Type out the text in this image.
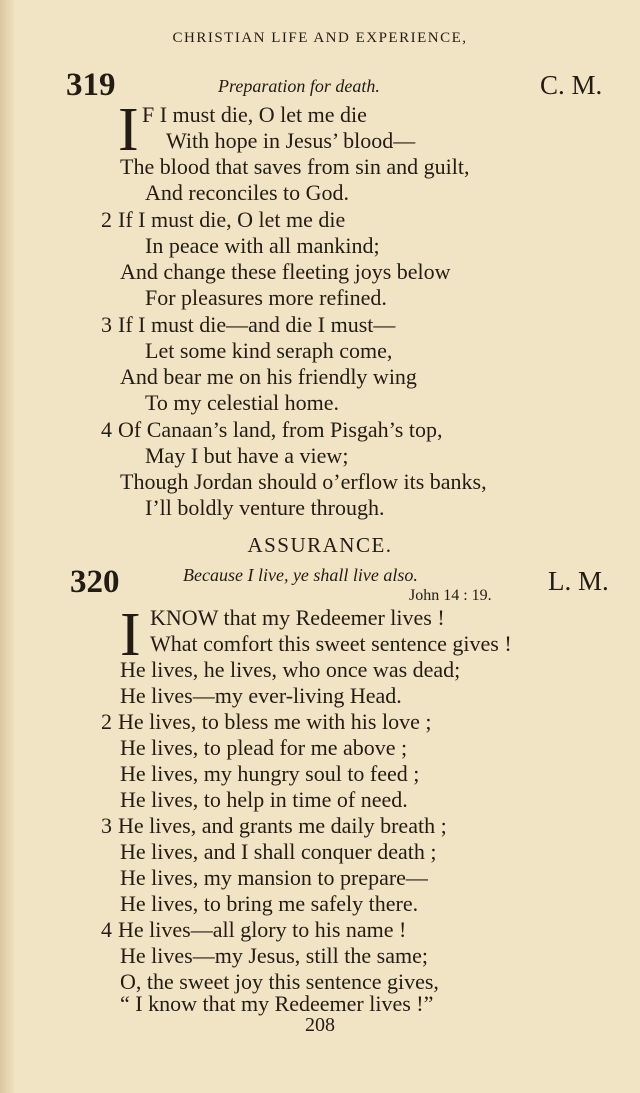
CHRISTIAN LIFE AND EXPERIENCE,
319	Preparation for death.	C. M.
I F I must die, O let me die
With hope in Jesus’ blood—
The blood that saves from sin and guilt,
And reconciles to God.
2 If I must die, O let me die
In peace with all mankind;
And change these fleeting joys below
For pleasures more refined.
3 If I must die—and die I must—
Let some kind seraph come,
And bear me on his friendly wing
To my celestial home.
4 Of Canaan’s land, from Pisgah’s top,
May I but have a view;
Though Jordan should o’erflow its banks,
I’ll boldly venture through.
ASSURANCE.
320	Because I live, ye shall live also.
John 14 : 19. L. M.
I KNOW that my Redeemer lives !
What comfort this sweet sentence gives !
He lives, he lives, who once was dead;
He lives—my ever-living Head.
2 He lives, to bless me with his love ;
He lives, to plead for me above ;
He lives, my hungry soul to feed ;
He lives, to help in time of need.
3 He lives, and grants me daily breath ;
He lives, and I shall conquer death ;
He lives, my mansion to prepare—
He lives, to bring me safely there.
4 He lives—all glory to his name !
He lives—my Jesus, still the same;
O, the sweet joy this sentence gives,
“ I know that my Redeemer lives !”
208
